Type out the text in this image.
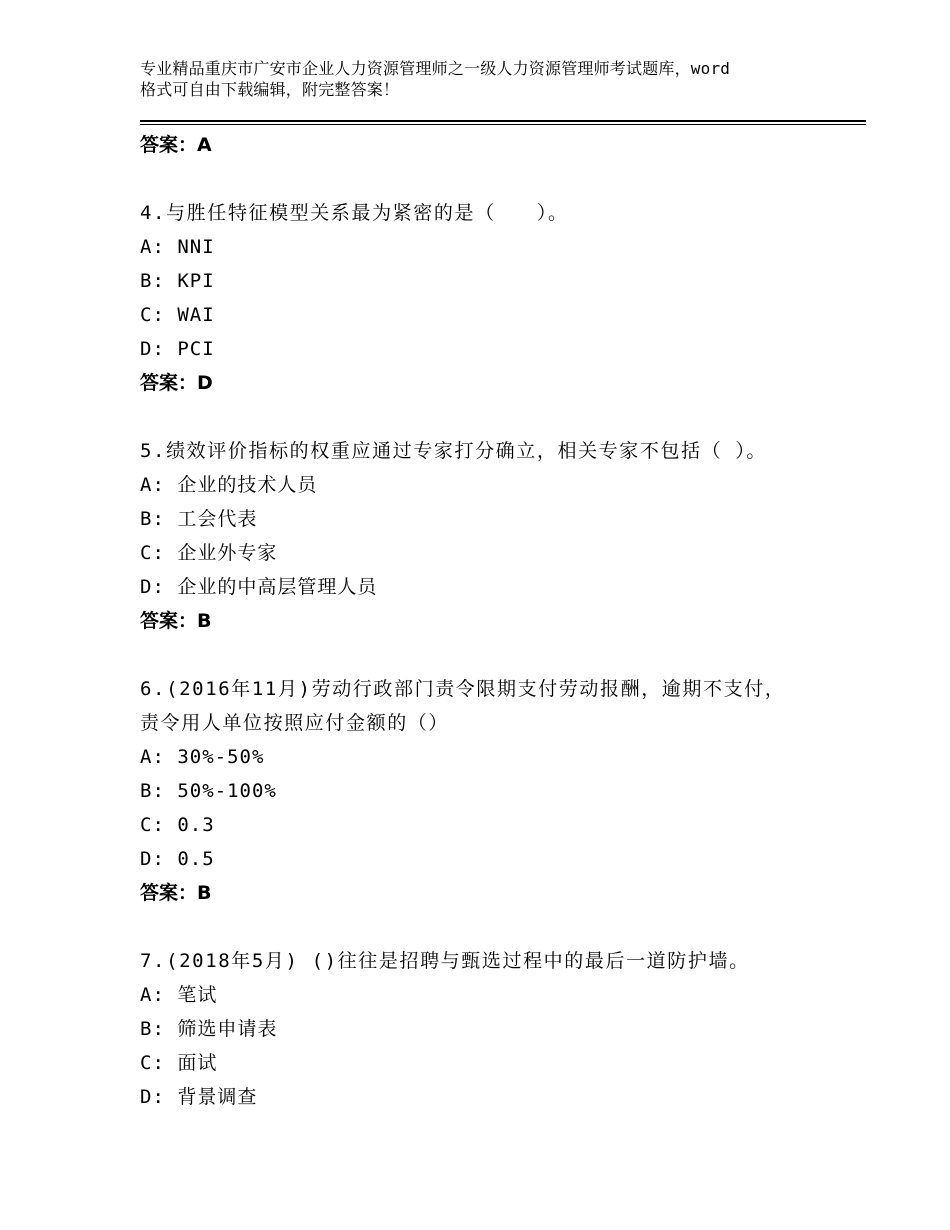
专业精品重庆市广安市企业人力资源管理师之一级人力资源管理师考试题库，word
格式可自由下载编辑，附完整答案！
答案：A
4.与胜任特征模型关系最为紧密的是（　　）。
A: NNI
B: KPI
C: WAI
D: PCI
答案：D
5.绩效评价指标的权重应通过专家打分确立，相关专家不包括（ ）。
A: 企业的技术人员
B: 工会代表
C: 企业外专家
D: 企业的中高层管理人员
答案：B
6.(2016年11月)劳动行政部门责令限期支付劳动报酬，逾期不支付，
责令用人单位按照应付金额的（）
A: 30%-50%
B: 50%-100%
C: 0.3
D: 0.5
答案：B
7.(2018年5月) ()往往是招聘与甄选过程中的最后一道防护墙。
A: 笔试
B: 筛选申请表
C: 面试
D: 背景调查
